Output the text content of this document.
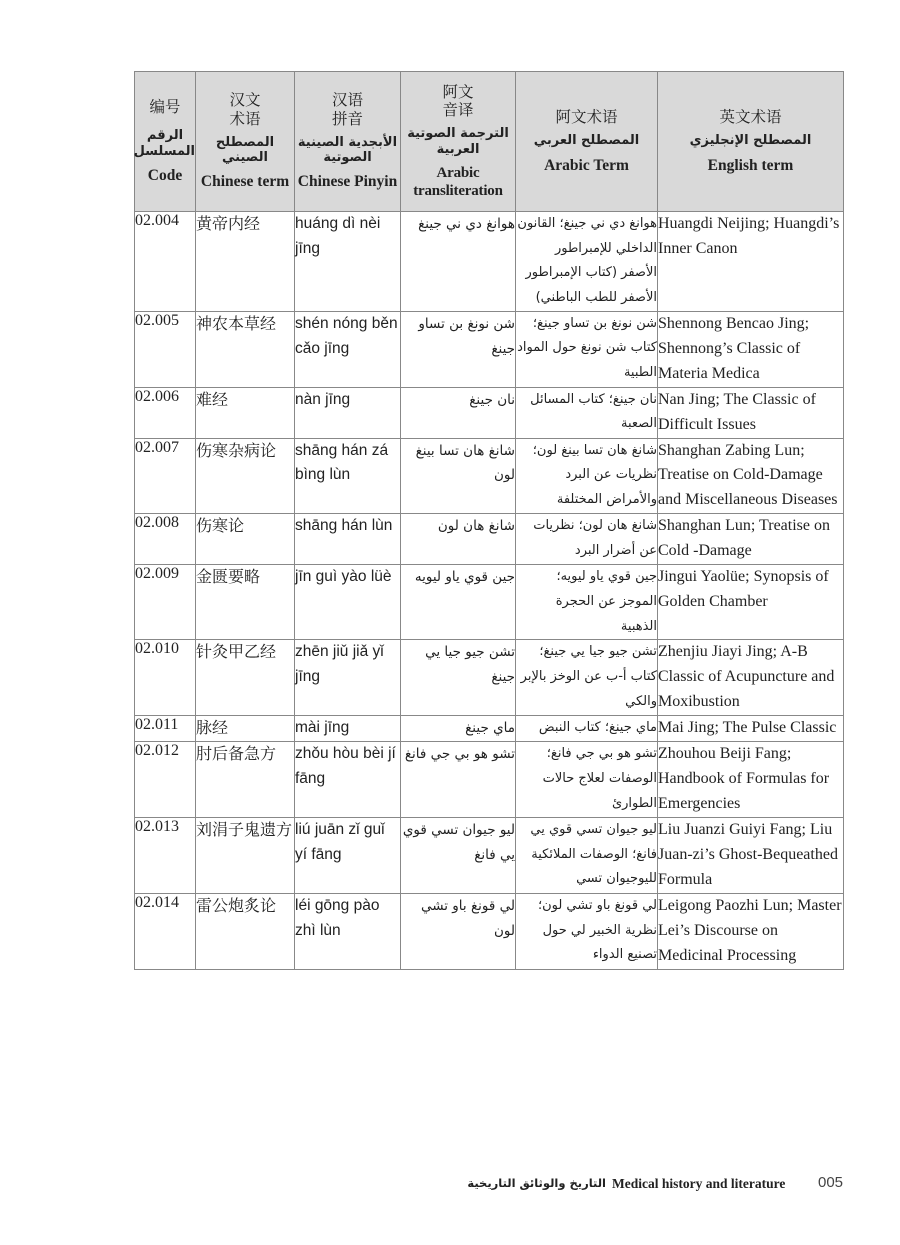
编号
الرقم المسلسل
Code	汉文
术语
المصطلح الصيني
Chinese term	汉语
拼音
الأبجدية الصينية الصوتية
Chinese Pinyin	阿文
音译
الترجمة الصوتية العربية
Arabic transliteration	阿文术语
المصطلح العربي
Arabic Term	英文术语
المصطلح الإنجليزي
English term

02.004	黄帝内经	huáng dì nèi jīng	هوانغ دي ني جينغ	هوانغ دي ني جينغ؛ القانون الداخلي للإمبراطور الأصفر (كتاب الإمبراطور الأصفر للطب الباطني)	Huangdi Neijing; Huangdi’s Inner Canon
02.005	神农本草经	shén nóng běn cǎo jīng	شن نونغ بن تساو جينغ	شن نونغ بن تساو جينغ؛ كتاب شن نونغ حول المواد الطبية	Shennong Bencao Jing; Shennong’s Classic of Materia Medica
02.006	难经	nàn jīng	نان جينغ	نان جينغ؛ كتاب المسائل الصعبة	Nan Jing; The Classic of Difficult Issues
02.007	伤寒杂病论	shāng hán zá bìng lùn	شانغ هان تسا بينغ لون	شانغ هان تسا بينغ لون؛ نظريات عن البرد والأمراض المختلفة	Shanghan Zabing Lun; Treatise on Cold-Damage and Miscellaneous Diseases
02.008	伤寒论	shāng hán lùn	شانغ هان لون	شانغ هان لون؛ نظريات عن أضرار البرد	Shanghan Lun; Treatise on Cold -Damage
02.009	金匮要略	jīn guì yào lüè	جين قوي ياو ليويه	جين قوي ياو ليويه؛ الموجز عن الحجرة الذهبية	Jingui Yaolüe; Synopsis of Golden Chamber
02.010	针灸甲乙经	zhēn jiǔ jiǎ yǐ jīng	تشن جيو جيا يي جينغ	تشن جيو جيا يي جينغ؛ كتاب أ-ب عن الوخز بالإبر والكي	Zhenjiu Jiayi Jing; A-B Classic of Acupuncture and Moxibustion
02.011	脉经	mài jīng	ماي جينغ	ماي جينغ؛ كتاب النبض	Mai Jing; The Pulse Classic
02.012	肘后备急方	zhǒu hòu bèi jí fāng	تشو هو بي جي فانغ	تشو هو بي جي فانغ؛ الوصفات لعلاج حالات الطوارئ	Zhouhou Beiji Fang; Handbook of Formulas for Emergencies
02.013	刘涓子鬼遗方	liú juān zǐ guǐ yí fāng	ليو جيوان تسي قوي يي فانغ	ليو جيوان تسي قوي يي فانغ؛ الوصفات الملائكية لليوجيوان تسي	Liu Juanzi Guiyi Fang; Liu Juan-zi’s Ghost-Bequeathed Formula
02.014	雷公炮炙论	léi gōng pào zhì lùn	لي قونغ باو تشي لون	لي قونغ باو تشي لون؛ نظرية الخبير لي حول تصنيع الدواء	Leigong Paozhi Lun; Master Lei’s Discourse on Medicinal Processing
التاريخ والوثائق التاريخية Medical history and literature 005
